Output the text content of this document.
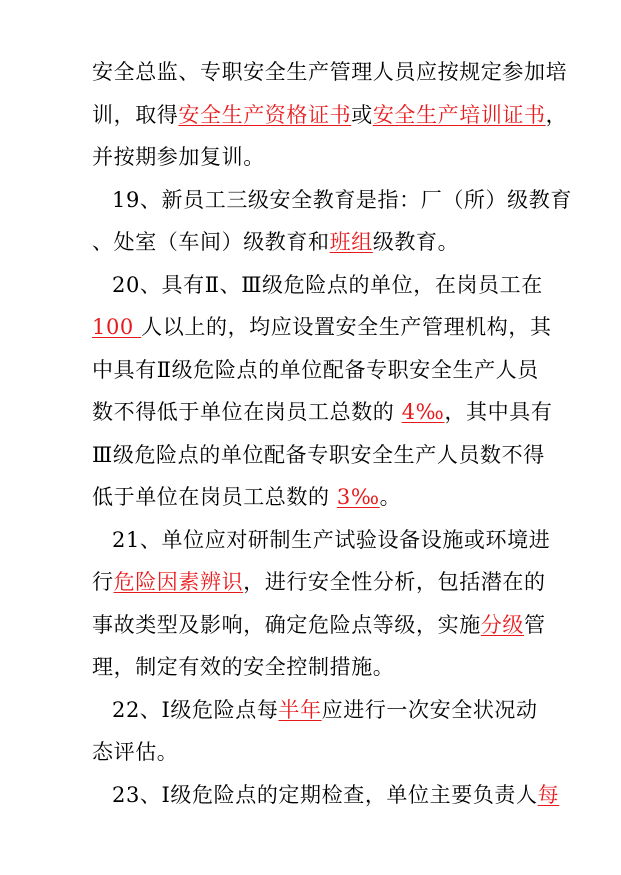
安全总监、专职安全生产管理人员应按规定参加培
训，取得安全生产资格证书或安全生产培训证书，
并按期参加复训。
19、新员工三级安全教育是指：厂（所）级教育
、处室（车间）级教育和班组级教育。
20、具有Ⅱ、Ⅲ级危险点的单位，在岗员工在
100 人以上的，均应设置安全生产管理机构，其
中具有Ⅱ级危险点的单位配备专职安全生产人员
数不得低于单位在岗员工总数的 4‰，其中具有
Ⅲ级危险点的单位配备专职安全生产人员数不得
低于单位在岗员工总数的 3‰。
21、单位应对研制生产试验设备设施或环境进
行危险因素辨识，进行安全性分析，包括潜在的
事故类型及影响，确定危险点等级，实施分级管
理，制定有效的安全控制措施。
22、Ⅰ级危险点每半年应进行一次安全状况动
态评估。
23、Ⅰ级危险点的定期检查，单位主要负责人每
